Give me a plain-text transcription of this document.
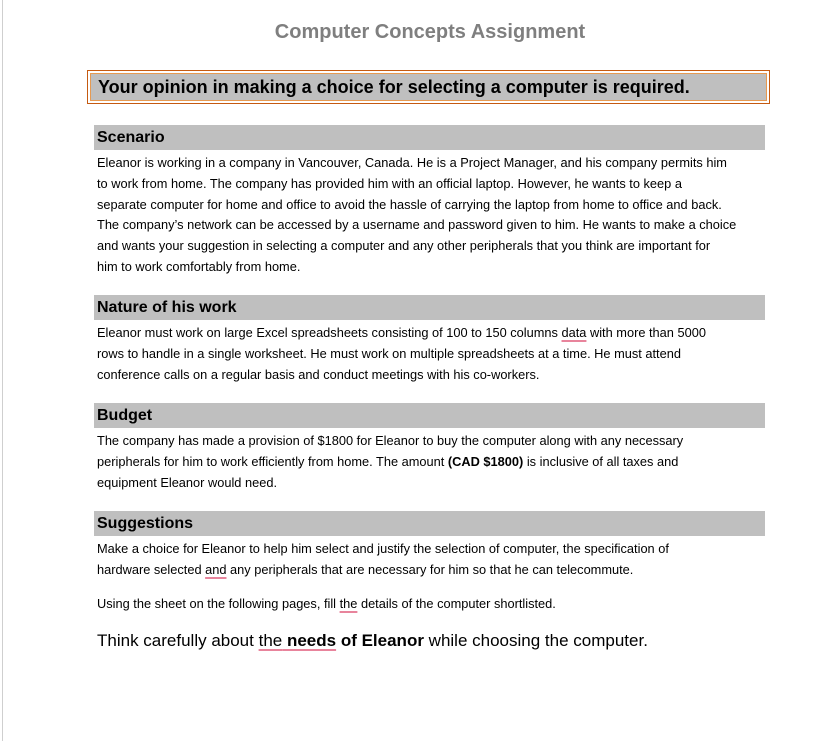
Computer Concepts Assignment
Your opinion in making a choice for selecting a computer is required.
Scenario
Eleanor is working in a company in Vancouver, Canada. He is a Project Manager, and his company permits him
to work from home. The company has provided him with an official laptop. However, he wants to keep a
separate computer for home and office to avoid the hassle of carrying the laptop from home to office and back.
The company’s network can be accessed by a username and password given to him. He wants to make a choice
and wants your suggestion in selecting a computer and any other peripherals that you think are important for
him to work comfortably from home.
Nature of his work
Eleanor must work on large Excel spreadsheets consisting of 100 to 150 columns data with more than 5000
rows to handle in a single worksheet. He must work on multiple spreadsheets at a time. He must attend
conference calls on a regular basis and conduct meetings with his co-workers.
Budget
The company has made a provision of $1800 for Eleanor to buy the computer along with any necessary
peripherals for him to work efficiently from home. The amount (CAD $1800) is inclusive of all taxes and
equipment Eleanor would need.
Suggestions
Make a choice for Eleanor to help him select and justify the selection of computer, the specification of
hardware selected and any peripherals that are necessary for him so that he can telecommute.
Using the sheet on the following pages, fill the details of the computer shortlisted.
Think carefully about the needs of Eleanor while choosing the computer.
